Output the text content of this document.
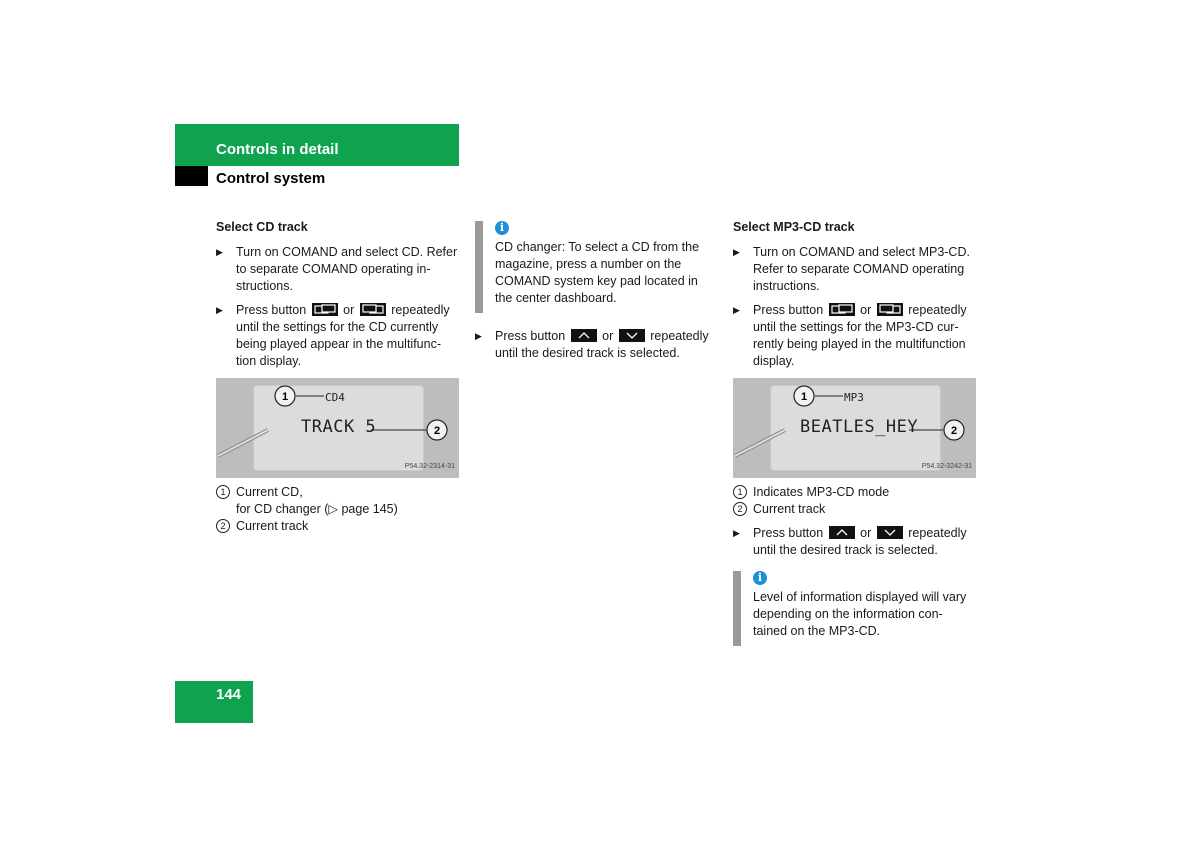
Controls in detail
Control system

Select CD track

▶ Turn on COMAND and select CD. Refer to separate COMAND operating in-structions.

▶ Press button	or	repeatedly until the settings for the CD currently being played appear in the multifunc-tion display.

1
2
CD4
TRACK 5
P54.32-2314-31

1 Current CD,
for CD changer (▷ page 145)

2 Current track

i
CD changer: To select a CD from the magazine, press a number on the COMAND system key pad located in the center dashboard.

▶ Press button	or	repeatedly until the desired track is selected.

Select MP3-CD track

▶ Turn on COMAND and select MP3-CD. Refer to separate COMAND operating instructions.

▶ Press button	or	repeatedly until the settings for the MP3-CD cur-rently being played in the multifunction display.

1
2
MP3
BEATLES_HEY
P54.32-3242-31

1 Indicates MP3-CD mode

2 Current track

▶ Press button	or	repeatedly until the desired track is selected.

i
Level of information displayed will vary depending on the information con-tained on the MP3-CD.
144
